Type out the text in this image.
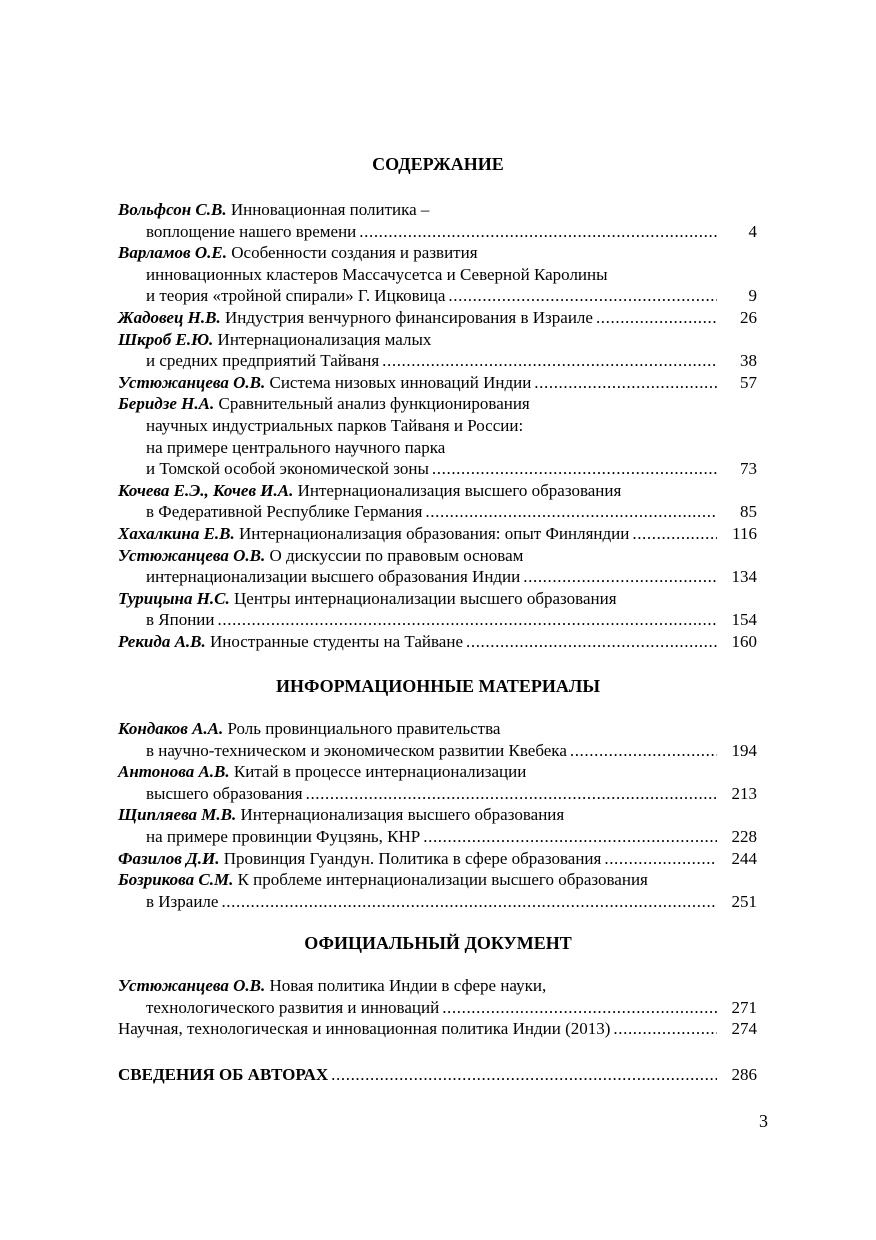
СОДЕРЖАНИЕ
Вольфсон С.В. Инновационная политика –
воплощение нашего времени .....	4
Варламов О.Е. Особенности создания и развития
инновационных кластеров Массачусетса и Северной Каролины
и теория «тройной спирали» Г. Ицковица .....	9
Жадовец Н.В. Индустрия венчурного финансирования в Израиле .....	26
Шкроб Е.Ю. Интернационализация малых
и средних предприятий Тайваня .....	38
Устюжанцева О.В. Система низовых инноваций Индии .....	57
Беридзе Н.А. Сравнительный анализ функционирования
научных индустриальных парков Тайваня и России:
на примере центрального научного парка
и Томской особой экономической зоны .....	73
Кочева Е.Э., Кочев И.А. Интернационализация высшего образования
в Федеративной Республике Германия .....	85
Хахалкина Е.В. Интернационализация образования: опыт Финляндии .....	116
Устюжанцева О.В. О дискуссии по правовым основам
интернационализации высшего образования Индии .....	134
Турицына Н.С. Центры интернационализации высшего образования
в Японии .....	154
Рекида А.В. Иностранные студенты на Тайване .....	160
ИНФОРМАЦИОННЫЕ МАТЕРИАЛЫ
Кондаков А.А. Роль провинциального правительства
в научно-техническом и экономическом развитии Квебека .....	194
Антонова А.В. Китай в процессе интернационализации
высшего образования .....	213
Щипляева М.В. Интернационализация высшего образования
на примере провинции Фуцзянь, КНР .....	228
Фазилов Д.И. Провинция Гуандун. Политика в сфере образования .....	244
Бозрикова С.М. К проблеме интернационализации высшего образования
в Израиле .....	251
ОФИЦИАЛЬНЫЙ ДОКУМЕНТ
Устюжанцева О.В. Новая политика Индии в сфере науки,
технологического развития и инноваций .....	271
Научная, технологическая и инновационная политика Индии (2013) .....	274
СВЕДЕНИЯ ОБ АВТОРАХ .....	286
3
